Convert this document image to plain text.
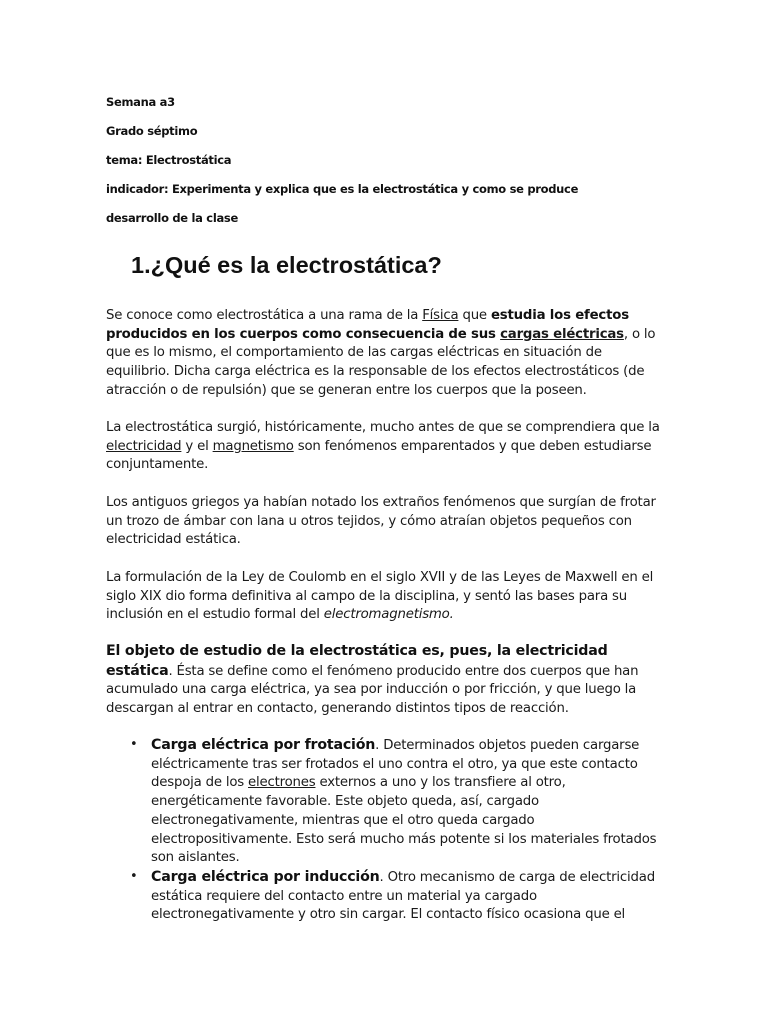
Semana a3
Grado séptimo
tema: Electrostática
indicador: Experimenta y explica que es la electrostática y como se produce
desarrollo de la clase
1.¿Qué es la electrostática?
Se conoce como electrostática a una rama de la Física que estudia los efectos producidos en los cuerpos como consecuencia de sus cargas eléctricas, o lo que es lo mismo, el comportamiento de las cargas eléctricas en situación de equilibrio. Dicha carga eléctrica es la responsable de los efectos electrostáticos (de atracción o de repulsión) que se generan entre los cuerpos que la poseen.
La electrostática surgió, históricamente, mucho antes de que se comprendiera que la electricidad y el magnetismo son fenómenos emparentados y que deben estudiarse conjuntamente.
Los antiguos griegos ya habían notado los extraños fenómenos que surgían de frotar un trozo de ámbar con lana u otros tejidos, y cómo atraían objetos pequeños con electricidad estática.
La formulación de la Ley de Coulomb en el siglo XVII y de las Leyes de Maxwell en el siglo XIX dio forma definitiva al campo de la disciplina, y sentó las bases para su inclusión en el estudio formal del electromagnetismo.
El objeto de estudio de la electrostática es, pues, la electricidad estática. Ésta se define como el fenómeno producido entre dos cuerpos que han acumulado una carga eléctrica, ya sea por inducción o por fricción, y que luego la descargan al entrar en contacto, generando distintos tipos de reacción.
• Carga eléctrica por frotación. Determinados objetos pueden cargarse eléctricamente tras ser frotados el uno contra el otro, ya que este contacto despoja de los electrones externos a uno y los transfiere al otro, energéticamente favorable. Este objeto queda, así, cargado electronegativamente, mientras que el otro queda cargado electropositivamente. Esto será mucho más potente si los materiales frotados son aislantes.
• Carga eléctrica por inducción. Otro mecanismo de carga de electricidad estática requiere del contacto entre un material ya cargado electronegativamente y otro sin cargar. El contacto físico ocasiona que el
